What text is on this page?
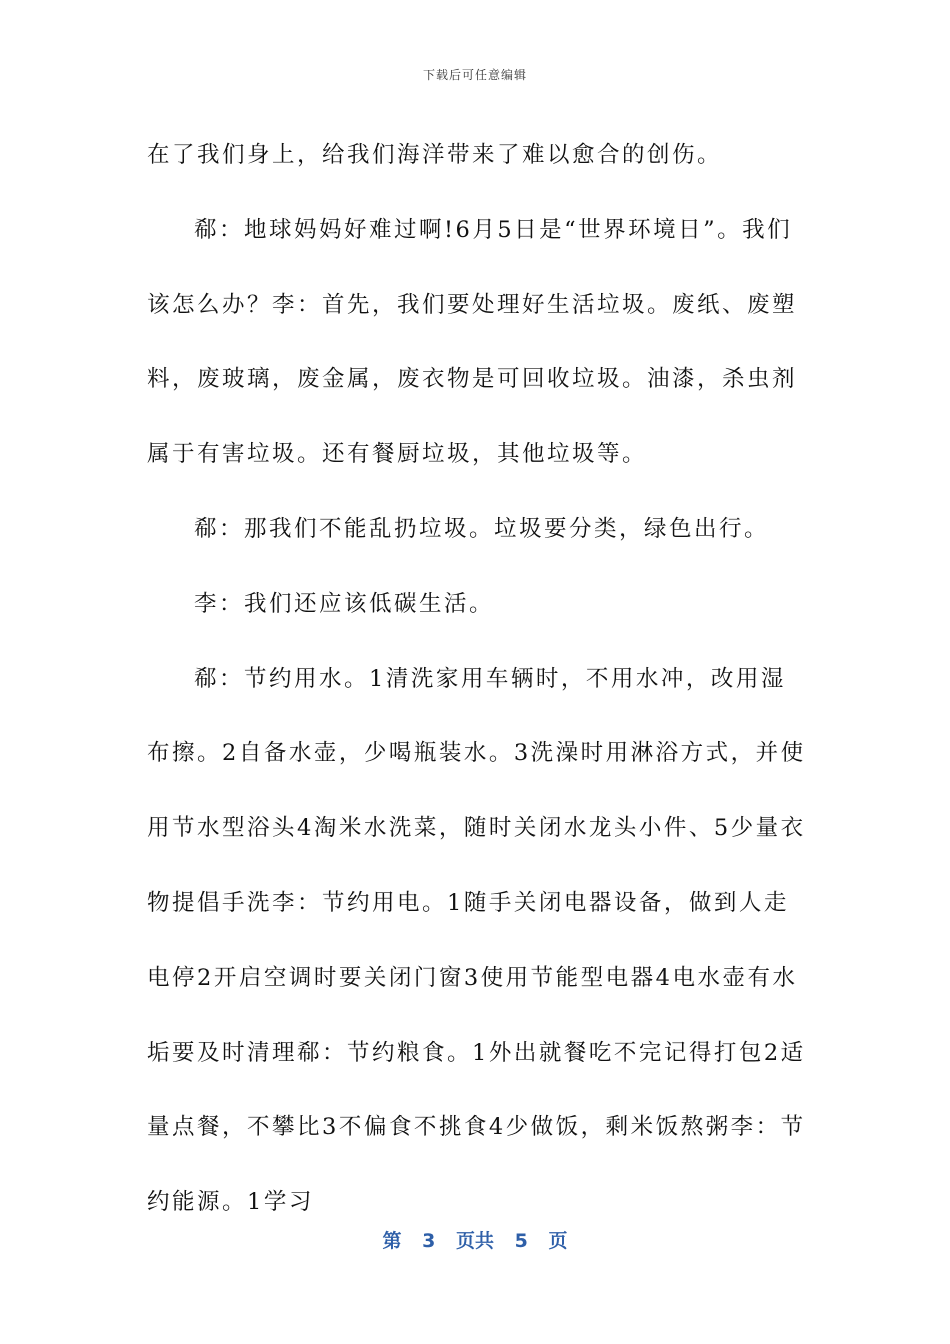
下载后可任意编辑

在了我们身上，给我们海洋带来了难以愈合的创伤。

郗：地球妈妈好难过啊!6月5日是“世界环境日”。我们该怎么办？李：首先，我们要处理好生活垃圾。废纸、废塑料，废玻璃，废金属，废衣物是可回收垃圾。油漆，杀虫剂属于有害垃圾。还有餐厨垃圾，其他垃圾等。

郗：那我们不能乱扔垃圾。垃圾要分类，绿色出行。

李：我们还应该低碳生活。

郗：节约用水。1清洗家用车辆时，不用水冲，改用湿布擦。2自备水壶，少喝瓶装水。3洗澡时用淋浴方式，并使用节水型浴头4淘米水洗菜，随时关闭水龙头小件、5少量衣物提倡手洗李：节约用电。1随手关闭电器设备，做到人走电停2开启空调时要关闭门窗3使用节能型电器4电水壶有水垢要及时清理郗：节约粮食。1外出就餐吃不完记得打包2适量点餐，不攀比3不偏食不挑食4少做饭，剩米饭熬粥李：节约能源。1学习

第 3 页共 5 页
